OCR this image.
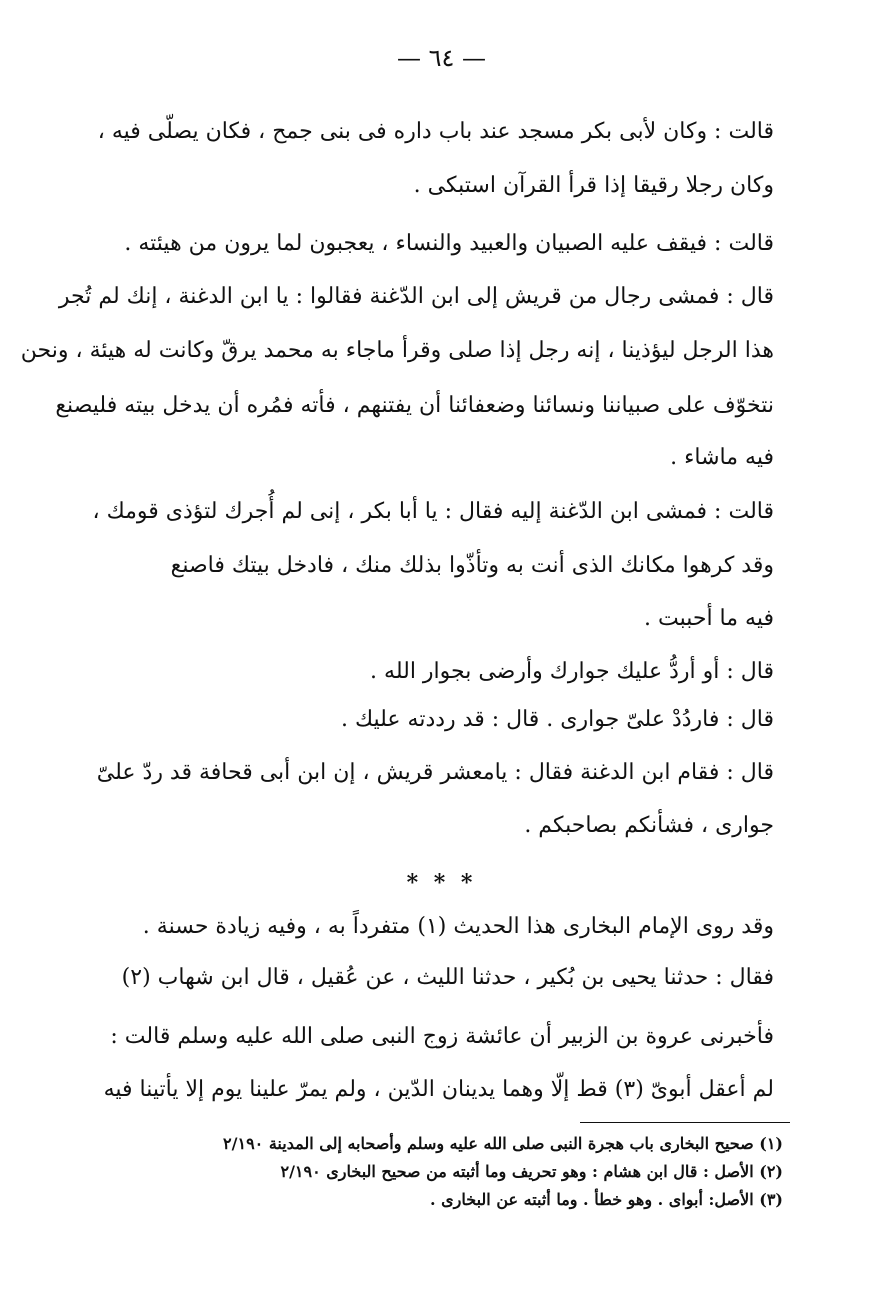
— ٦٤ —
قالت : وكان لأبى بكر مسجد عند باب داره فى بنى جمح ، فكان يصلّى فيه ،
وكان رجلا رقيقا إذا قرأ القرآن استبكى .
قالت : فيقف عليه الصبيان والعبيد والنساء ، يعجبون لما يرون من هيئته .
قال : فمشى رجال من قريش إلى ابن الدّغنة فقالوا : يا ابن الدغنة ، إنك لم تُجر
هذا الرجل ليؤذينا ، إنه رجل إذا صلى وقرأ ماجاء به محمد يرقّ وكانت له هيئة ، ونحن
نتخوّف على صبياننا ونسائنا وضعفائنا أن يفتنهم ، فأته فمُره أن يدخل بيته فليصنع
فيه ماشاء .
قالت : فمشى ابن الدّغنة إليه فقال : يا أبا بكر ، إنى لم أُجرك لتؤذى قومك ،
وقد كرهوا مكانك الذى أنت به وتأذّوا بذلك منك ، فادخل بيتك فاصنع
فيه ما أحببت .
قال : أو أردُّ عليك جوارك وأرضى بجوار الله .
قال : فاردُدْ علىّ جوارى . قال : قد رددته عليك .
قال : فقام ابن الدغنة فقال : يامعشر قريش ، إن ابن أبى قحافة قد ردّ علىّ
جوارى ، فشأنكم بصاحبكم .
وقد روى الإمام البخارى هذا الحديث (١) متفرداً به ، وفيه زيادة حسنة .
فقال : حدثنا يحيى بن بُكير ، حدثنا الليث ، عن عُقيل ، قال ابن شهاب (٢)
فأخبرنى عروة بن الزبير أن عائشة زوج النبى صلى الله عليه وسلم قالت :
لم أعقل أبوىّ (٣) قط إلّا وهما يدينان الدّين ، ولم يمرّ علينا يوم إلا يأتينا فيه
* * *
(١) صحيح البخارى باب هجرة النبى صلى الله عليه وسلم وأصحابه إلى المدينة ٢/١٩٠
(٢) الأصل : قال ابن هشام : وهو تحريف وما أثبته من صحيح البخارى ٢/١٩٠
(٣) الأصل: أبواى . وهو خطأ . وما أثبته عن البخارى .
